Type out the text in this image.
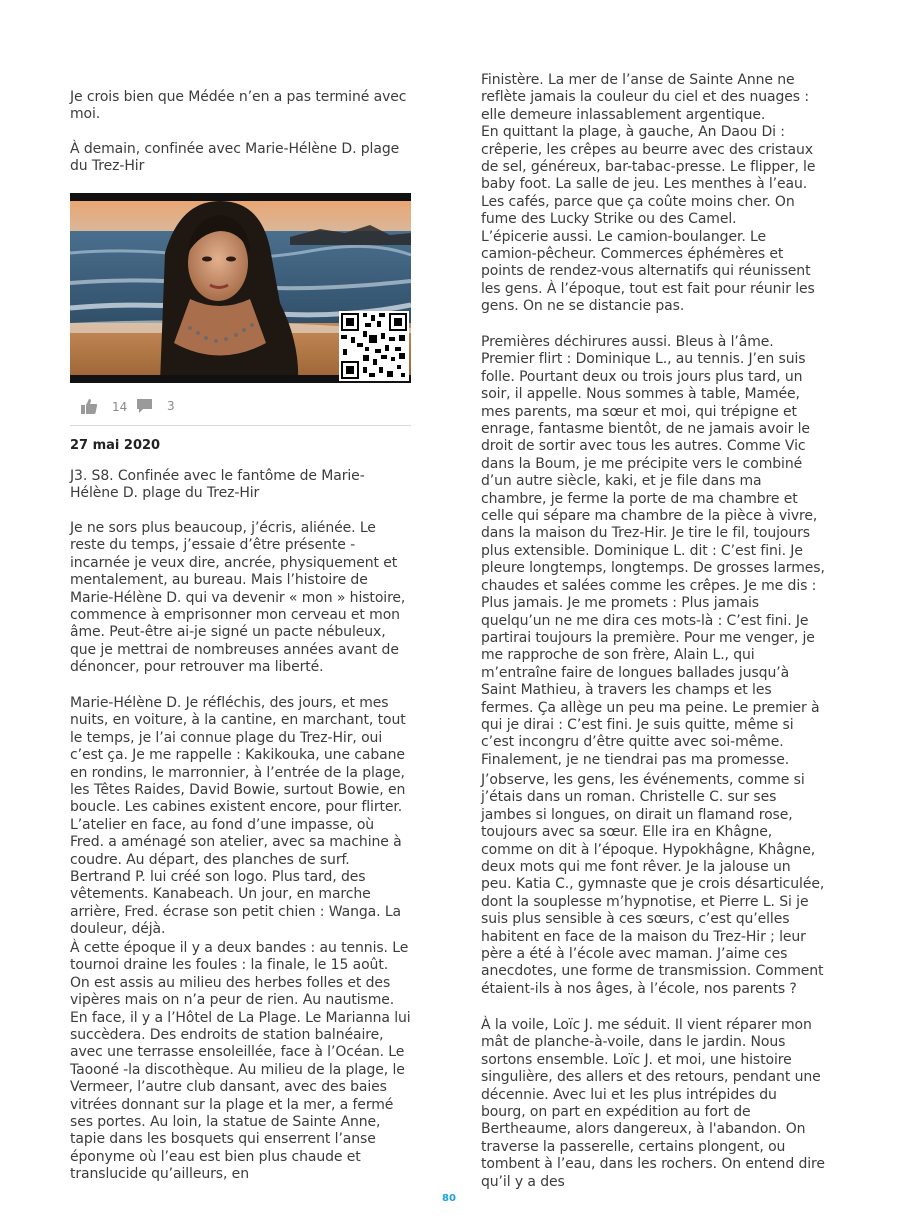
Je crois bien que Médée n’en a pas terminé avec moi.

À demain, confinée avec Marie-Hélène D. plage du Trez-Hir

14	3

27 mai 2020

J3. S8. Confinée avec le fantôme de Marie-Hélène D. plage du Trez-Hir

Je ne sors plus beaucoup, j’écris, aliénée. Le reste du temps, j’essaie d’être présente -incarnée je veux dire, ancrée, physiquement et mentalement, au bureau. Mais l’histoire de Marie-Hélène D. qui va devenir « mon » histoire, commence à emprisonner mon cerveau et mon âme. Peut-être ai-je signé un pacte nébuleux, que je mettrai de nombreuses années avant de dénoncer, pour retrouver ma liberté.

Marie-Hélène D. Je réfléchis, des jours, et mes nuits, en voiture, à la cantine, en marchant, tout le temps, je l’ai connue plage du Trez-Hir, oui c’est ça. Je me rappelle : Kakikouka, une cabane en rondins, le marronnier, à l’entrée de la plage, les Têtes Raides, David Bowie, surtout Bowie, en boucle. Les cabines existent encore, pour flirter. L’atelier en face, au fond d’une impasse, où Fred. a aménagé son atelier, avec sa machine à coudre. Au départ, des planches de surf. Bertrand P. lui créé son logo. Plus tard, des vêtements. Kanabeach. Un jour, en marche arrière, Fred. écrase son petit chien : Wanga. La douleur, déjà.

À cette époque il y a deux bandes : au tennis. Le tournoi draine les foules : la finale, le 15 août. On est assis au milieu des herbes folles et des vipères mais on n’a peur de rien. Au nautisme.
En face, il y a l’Hôtel de La Plage. Le Marianna lui succèdera. Des endroits de station balnéaire, avec une terrasse ensoleillée, face à l’Océan. Le Taooné -la discothèque. Au milieu de la plage, le Vermeer, l’autre club dansant, avec des baies vitrées donnant sur la plage et la mer, a fermé ses portes. Au loin, la statue de Sainte Anne, tapie dans les bosquets qui enserrent l’anse éponyme où l’eau est bien plus chaude et translucide qu’ailleurs, en

Finistère. La mer de l’anse de Sainte Anne ne reflète jamais la couleur du ciel et des nuages : elle demeure inlassablement argentique.
En quittant la plage, à gauche, An Daou Di : crêperie, les crêpes au beurre avec des cristaux de sel, généreux, bar-tabac-presse. Le flipper, le baby foot. La salle de jeu. Les menthes à l’eau. Les cafés, parce que ça coûte moins cher. On fume des Lucky Strike ou des Camel.
L’épicerie aussi. Le camion-boulanger. Le camion-pêcheur. Commerces éphémères et points de rendez-vous alternatifs qui réunissent les gens. À l’époque, tout est fait pour réunir les gens. On ne se distancie pas.

Premières déchirures aussi. Bleus à l’âme. Premier flirt : Dominique L., au tennis. J’en suis folle. Pourtant deux ou trois jours plus tard, un soir, il appelle. Nous sommes à table, Mamée, mes parents, ma sœur et moi, qui trépigne et enrage, fantasme bientôt, de ne jamais avoir le droit de sortir avec tous les autres. Comme Vic dans la Boum, je me précipite vers le combiné d’un autre siècle, kaki, et je file dans ma chambre, je ferme la porte de ma chambre et celle qui sépare ma chambre de la pièce à vivre, dans la maison du Trez-Hir. Je tire le fil, toujours plus extensible. Dominique L. dit : C’est fini. Je pleure longtemps, longtemps. De grosses larmes, chaudes et salées comme les crêpes. Je me dis : Plus jamais. Je me promets : Plus jamais quelqu’un ne me dira ces mots-là : C’est fini. Je partirai toujours la première. Pour me venger, je me rapproche de son frère, Alain L., qui m’entraîne faire de longues ballades jusqu’à Saint Mathieu, à travers les champs et les fermes. Ça allège un peu ma peine. Le premier à qui je dirai : C’est fini. Je suis quitte, même si c’est incongru d’être quitte avec soi-même. Finalement, je ne tiendrai pas ma promesse.

J’observe, les gens, les événements, comme si j’étais dans un roman. Christelle C. sur ses jambes si longues, on dirait un flamand rose, toujours avec sa sœur. Elle ira en Khâgne, comme on dit à l’époque. Hypokhâgne, Khâgne, deux mots qui me font rêver. Je la jalouse un peu. Katia C., gymnaste que je crois désarticulée, dont la souplesse m’hypnotise, et Pierre L. Si je suis plus sensible à ces sœurs, c’est qu’elles habitent en face de la maison du Trez-Hir ; leur père a été à l’école avec maman. J’aime ces anecdotes, une forme de transmission. Comment étaient-ils à nos âges, à l’école, nos parents ?

À la voile, Loïc J. me séduit. Il vient réparer mon mât de planche-à-voile, dans le jardin. Nous sortons ensemble. Loïc J. et moi, une histoire singulière, des allers et des retours, pendant une décennie. Avec lui et les plus intrépides du bourg, on part en expédition au fort de Bertheaume, alors dangereux, à l'abandon. On traverse la passerelle, certains plongent, ou tombent à l’eau, dans les rochers. On entend dire qu’il y a des

80
